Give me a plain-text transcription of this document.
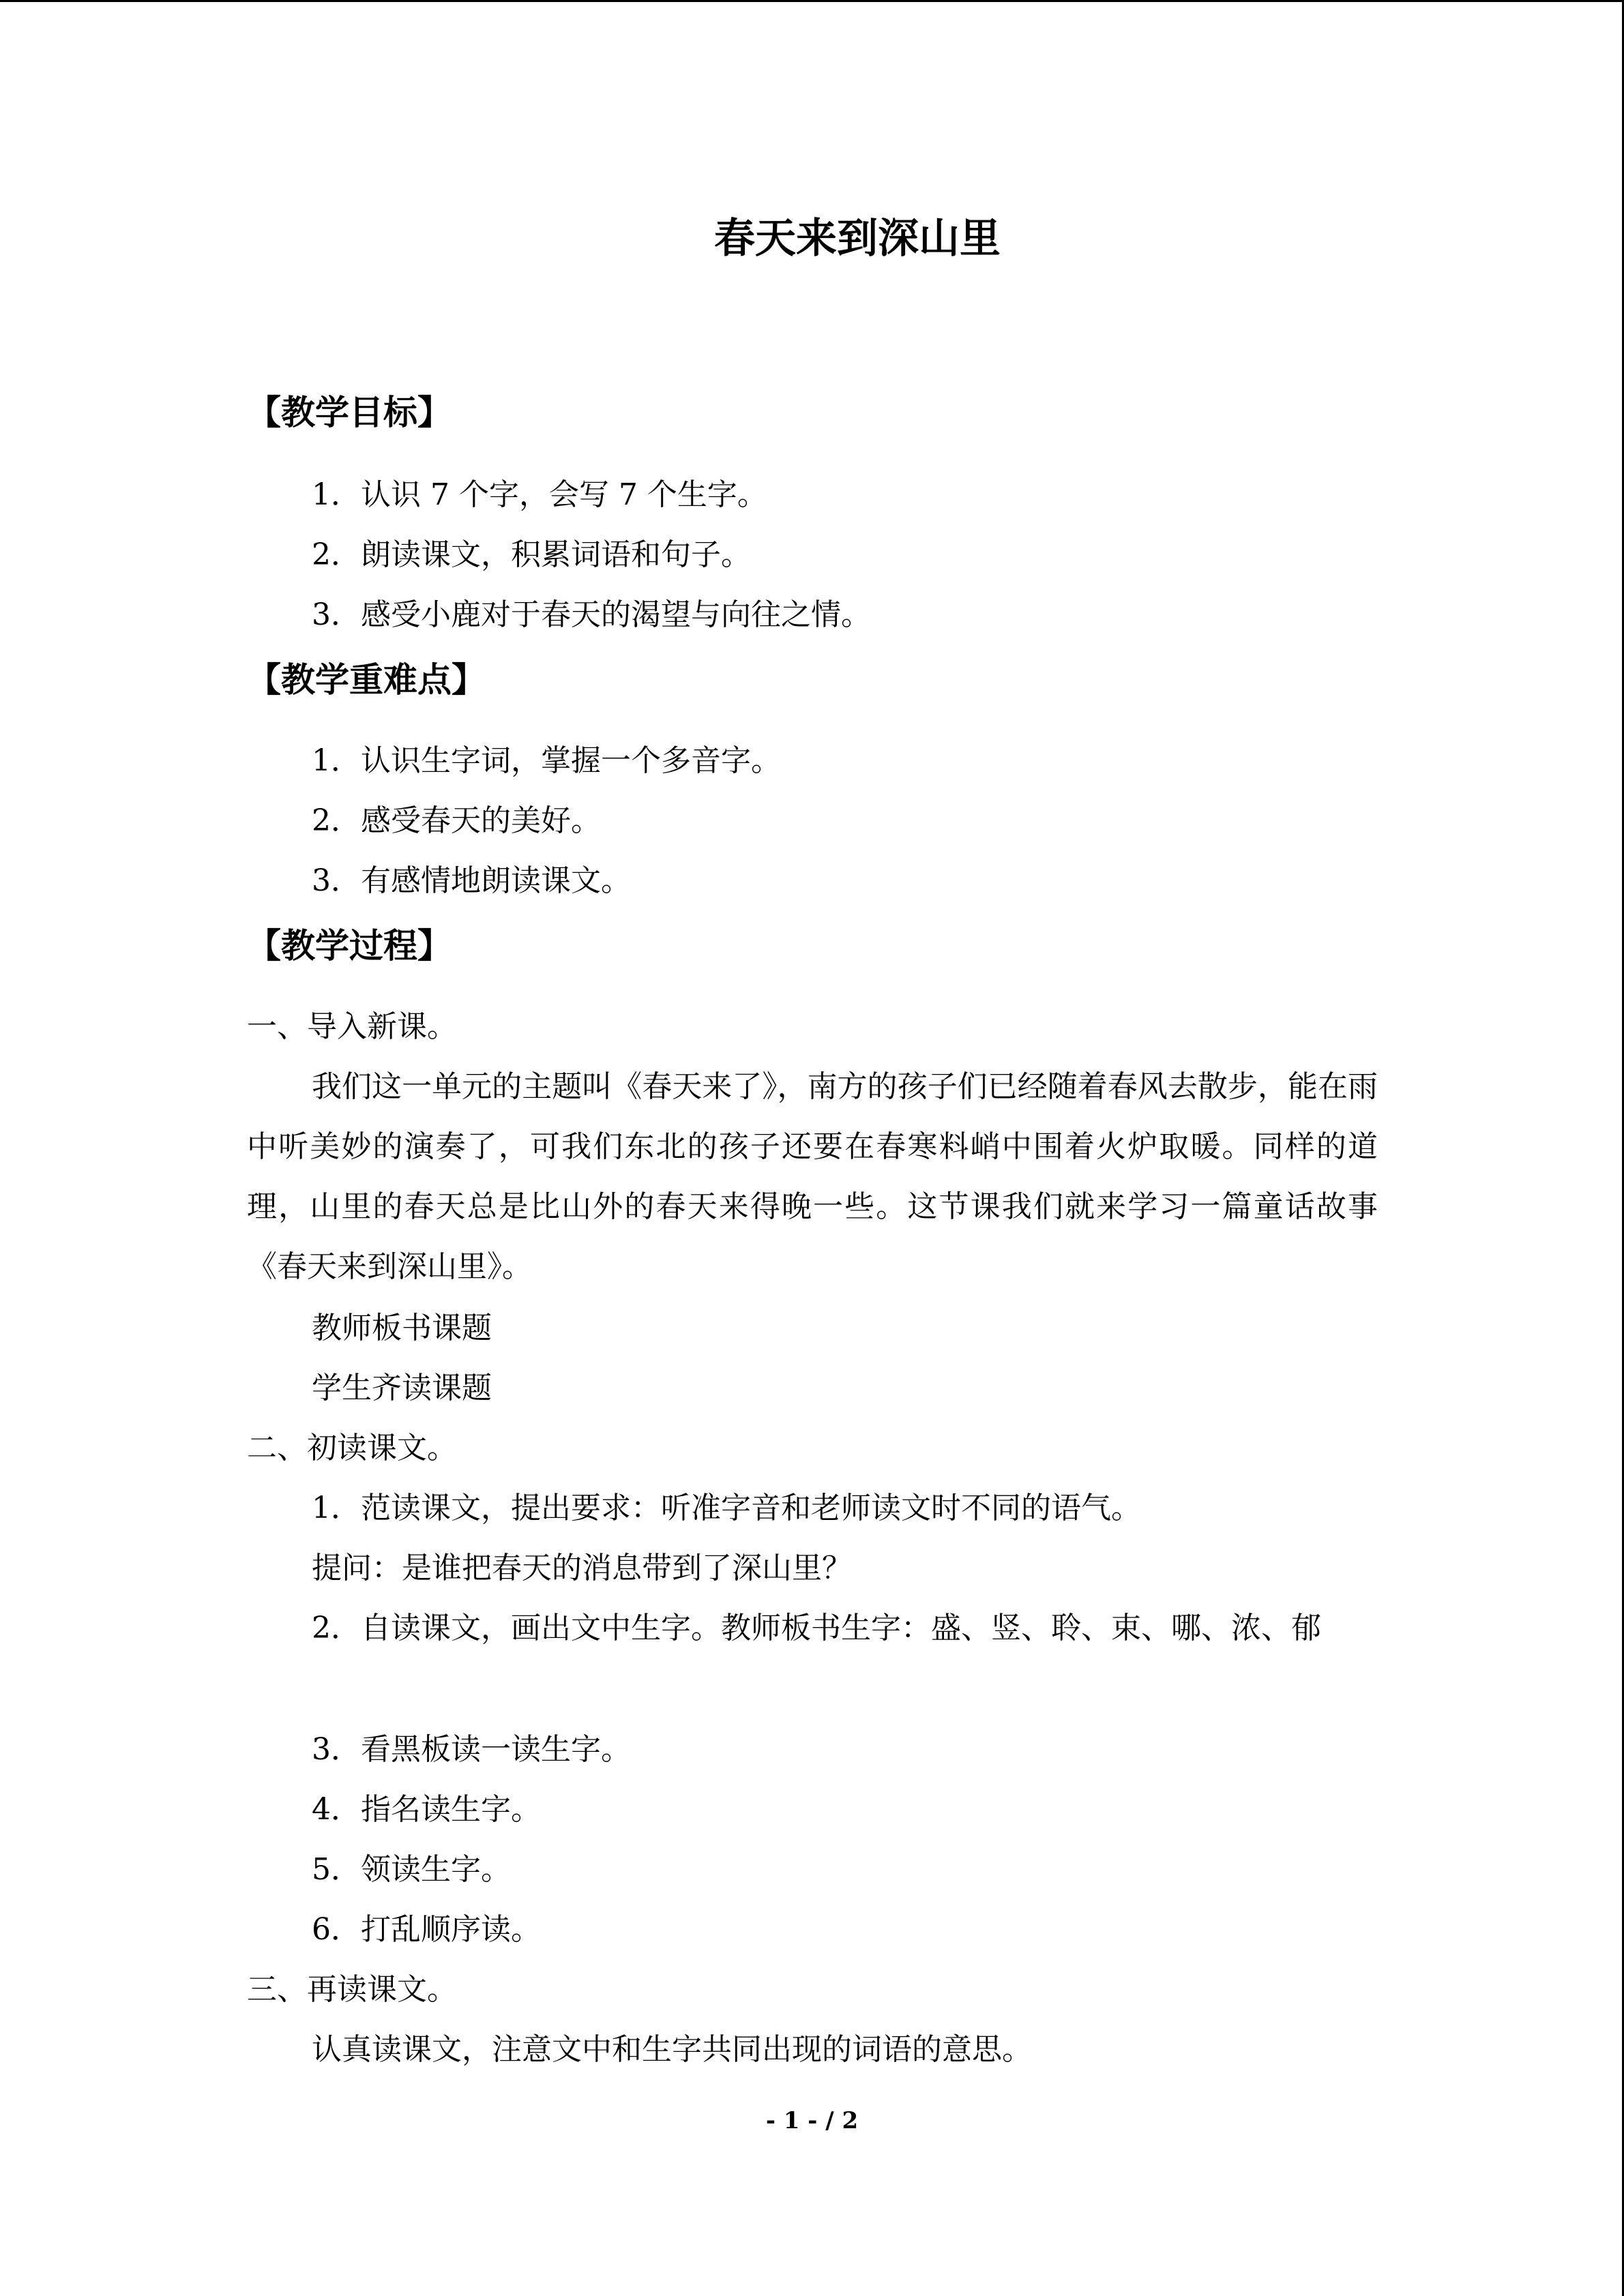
春天来到深山里
【教学目标】
1．认识 7 个字，会写 7 个生字。
2．朗读课文，积累词语和句子。
3．感受小鹿对于春天的渴望与向往之情。
【教学重难点】
1．认识生字词，掌握一个多音字。
2．感受春天的美好。
3．有感情地朗读课文。
【教学过程】
一、导入新课。

我们这一单元的主题叫《春天来了》，南方的孩子们已经随着春风去散步，能在雨中听美妙的演奏了，可我们东北的孩子还要在春寒料峭中围着火炉取暖。同样的道理，山里的春天总是比山外的春天来得晚一些。这节课我们就来学习一篇童话故事《春天来到深山里》。

教师板书课题
学生齐读课题
二、初读课文。
1．范读课文，提出要求：听准字音和老师读文时不同的语气。
提问：是谁把春天的消息带到了深山里？

2．自读课文，画出文中生字。教师板书生字：盛、竖、聆、束、哪、浓、郁

3．看黑板读一读生字。
4．指名读生字。
5．领读生字。
6．打乱顺序读。
三、再读课文。
认真读课文，注意文中和生字共同出现的词语的意思。
- 1 - / 2
